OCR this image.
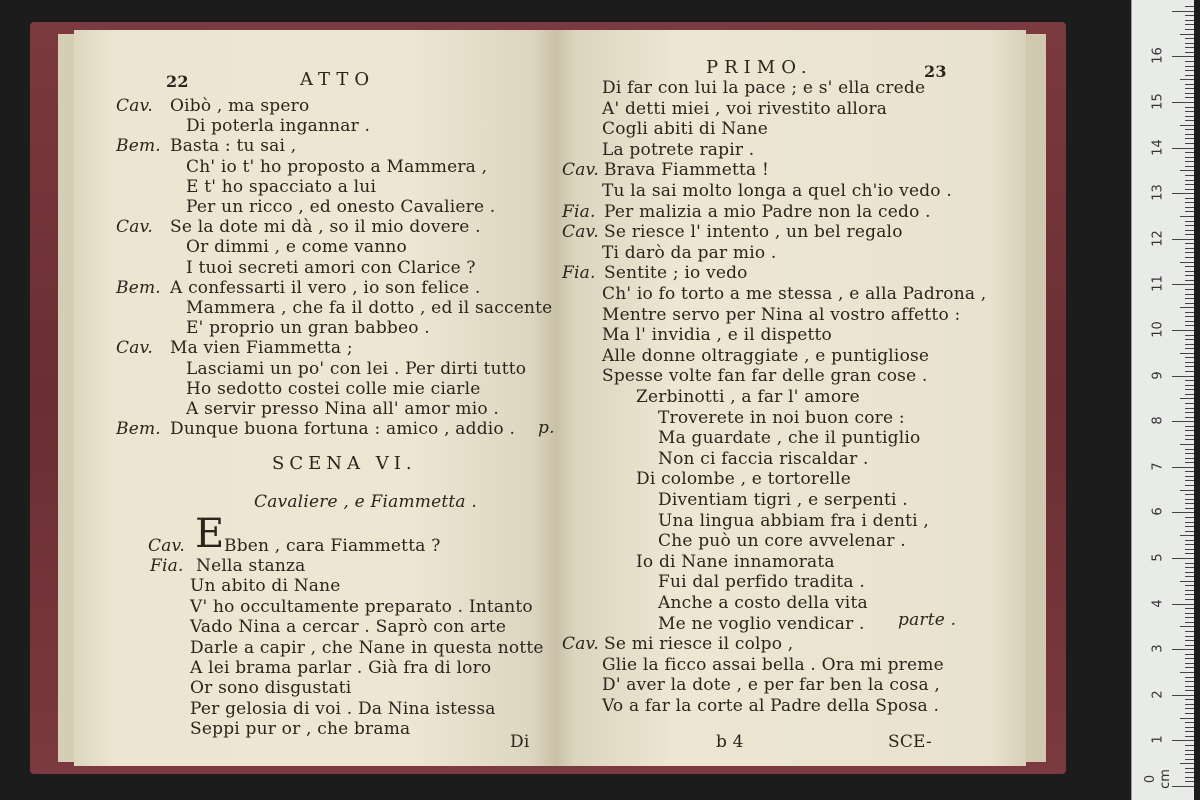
22	ATTO
Cav. Oibò , ma spero
Di poterla ingannar .
Bem. Basta : tu sai ,
Ch' io t' ho proposto a Mammera ,
E t' ho spacciato a lui
Per un ricco , ed onesto Cavaliere .
Cav. Se la dote mi dà , so il mio dovere .
Or dimmi , e come vanno
I tuoi secreti amori con Clarice ?
Bem. A confessarti il vero , io son felice .
Mammera , che fa il dotto , ed il saccente
E' proprio un gran babbeo .
Cav. Ma vien Fiammetta ;
Lasciami un po' con lei . Per dirti tutto
Ho sedotto costei colle mie ciarle
A servir presso Nina all' amor mio .
Bem. Dunque buona fortuna : amico , addio . p.
SCENA VI.
Cavaliere , e Fiammetta .
Cav. E Bben , cara Fiammetta ?
Fia. Nella stanza
Un abito di Nane
V' ho occultamente preparato . Intanto
Vado Nina a cercar . Saprò con arte
Darle a capir , che Nane in questa notte
A lei brama parlar . Già fra di loro
Or sono disgustati
Per gelosia di voi . Da Nina istessa
Seppi pur or , che brama
Di
PRIMO.	23
Di far con lui la pace ; e s' ella crede
A' detti miei , voi rivestito allora
Cogli abiti di Nane
La potrete rapir .
Cav. Brava Fiammetta !
Tu la sai molto longa a quel ch'io vedo .
Fia. Per malizia a mio Padre non la cedo .
Cav. Se riesce l' intento , un bel regalo
Ti darò da par mio .
Fia. Sentite ; io vedo
Ch' io fo torto a me stessa , e alla Padrona ,
Mentre servo per Nina al vostro affetto :
Ma l' invidia , e il dispetto
Alle donne oltraggiate , e puntigliose
Spesse volte fan far delle gran cose .
Zerbinotti , a far l' amore
Troverete in noi buon core :
Ma guardate , che il puntiglio
Non ci faccia riscaldar .
Di colombe , e tortorelle
Diventiam tigri , e serpenti .
Una lingua abbiam fra i denti ,
Che può un core avvelenar .
Io di Nane innamorata
Fui dal perfido tradita .
Anche a costo della vita
Me ne voglio vendicar .
Cav. Se mi riesce il colpo ,
Glie la ficco assai bella . Ora mi preme
D' aver la dote , e per far ben la cosa ,
Vo a far la corte al Padre della Sposa .
parte .
b 4	SCE-
0 cm
1
2
3
4
5
6
7
8
9
10
11
12
13
14
15
16
